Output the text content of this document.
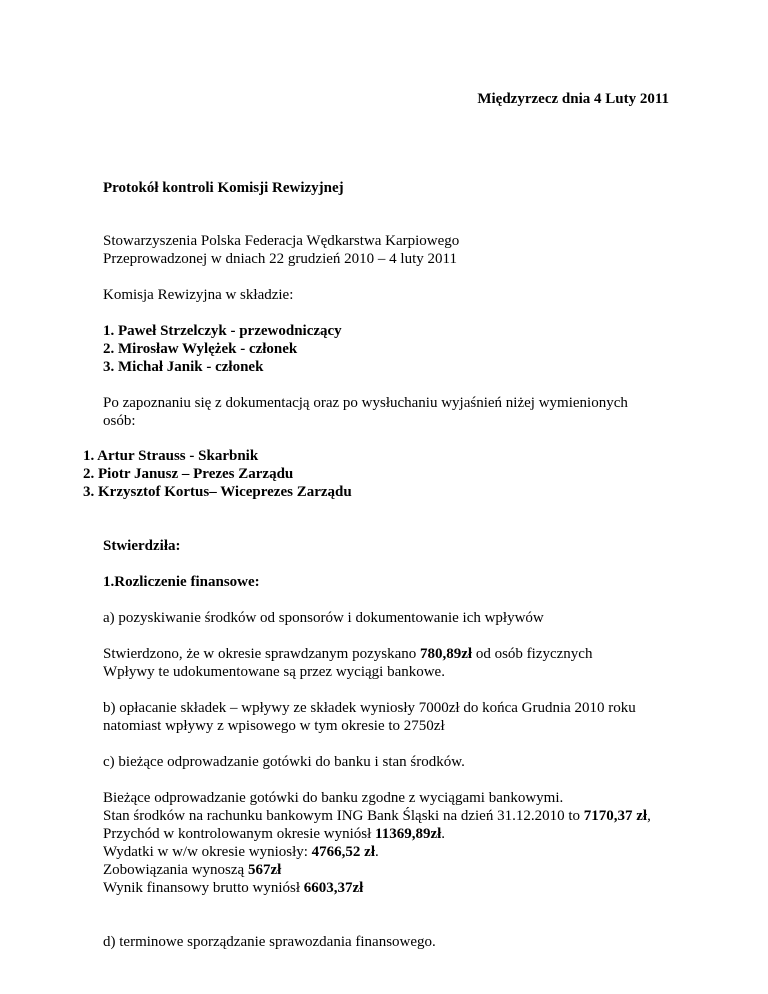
Międzyrzecz dnia 4 Luty 2011
Protokół kontroli Komisji Rewizyjnej
Stowarzyszenia Polska Federacja Wędkarstwa Karpiowego
Przeprowadzonej w dniach 22 grudzień 2010 – 4 luty 2011
Komisja Rewizyjna w składzie:
1. Paweł Strzelczyk - przewodniczący
2. Mirosław Wylężek - członek
3. Michał Janik - członek
Po zapoznaniu się z dokumentacją oraz po wysłuchaniu wyjaśnień niżej wymienionych
osób:
1. Artur Strauss - Skarbnik
2. Piotr Janusz – Prezes Zarządu
3. Krzysztof Kortus– Wiceprezes Zarządu
Stwierdziła:
1.Rozliczenie finansowe:
a) pozyskiwanie środków od sponsorów i dokumentowanie ich wpływów
Stwierdzono, że w okresie sprawdzanym pozyskano 780,89zł od osób fizycznych
Wpływy te udokumentowane są przez wyciągi bankowe.
b) opłacanie składek – wpływy ze składek wyniosły 7000zł do końca Grudnia 2010 roku
natomiast wpływy z wpisowego w tym okresie to 2750zł
c) bieżące odprowadzanie gotówki do banku i stan środków.
Bieżące odprowadzanie gotówki do banku zgodne z wyciągami bankowymi.
Stan środków na rachunku bankowym ING Bank Śląski na dzień 31.12.2010 to 7170,37 zł,
Przychód w kontrolowanym okresie wyniósł 11369,89zł.
Wydatki w w/w okresie wyniosły: 4766,52 zł.
Zobowiązania wynoszą 567zł
Wynik finansowy brutto wyniósł 6603,37zł
d) terminowe sporządzanie sprawozdania finansowego.
